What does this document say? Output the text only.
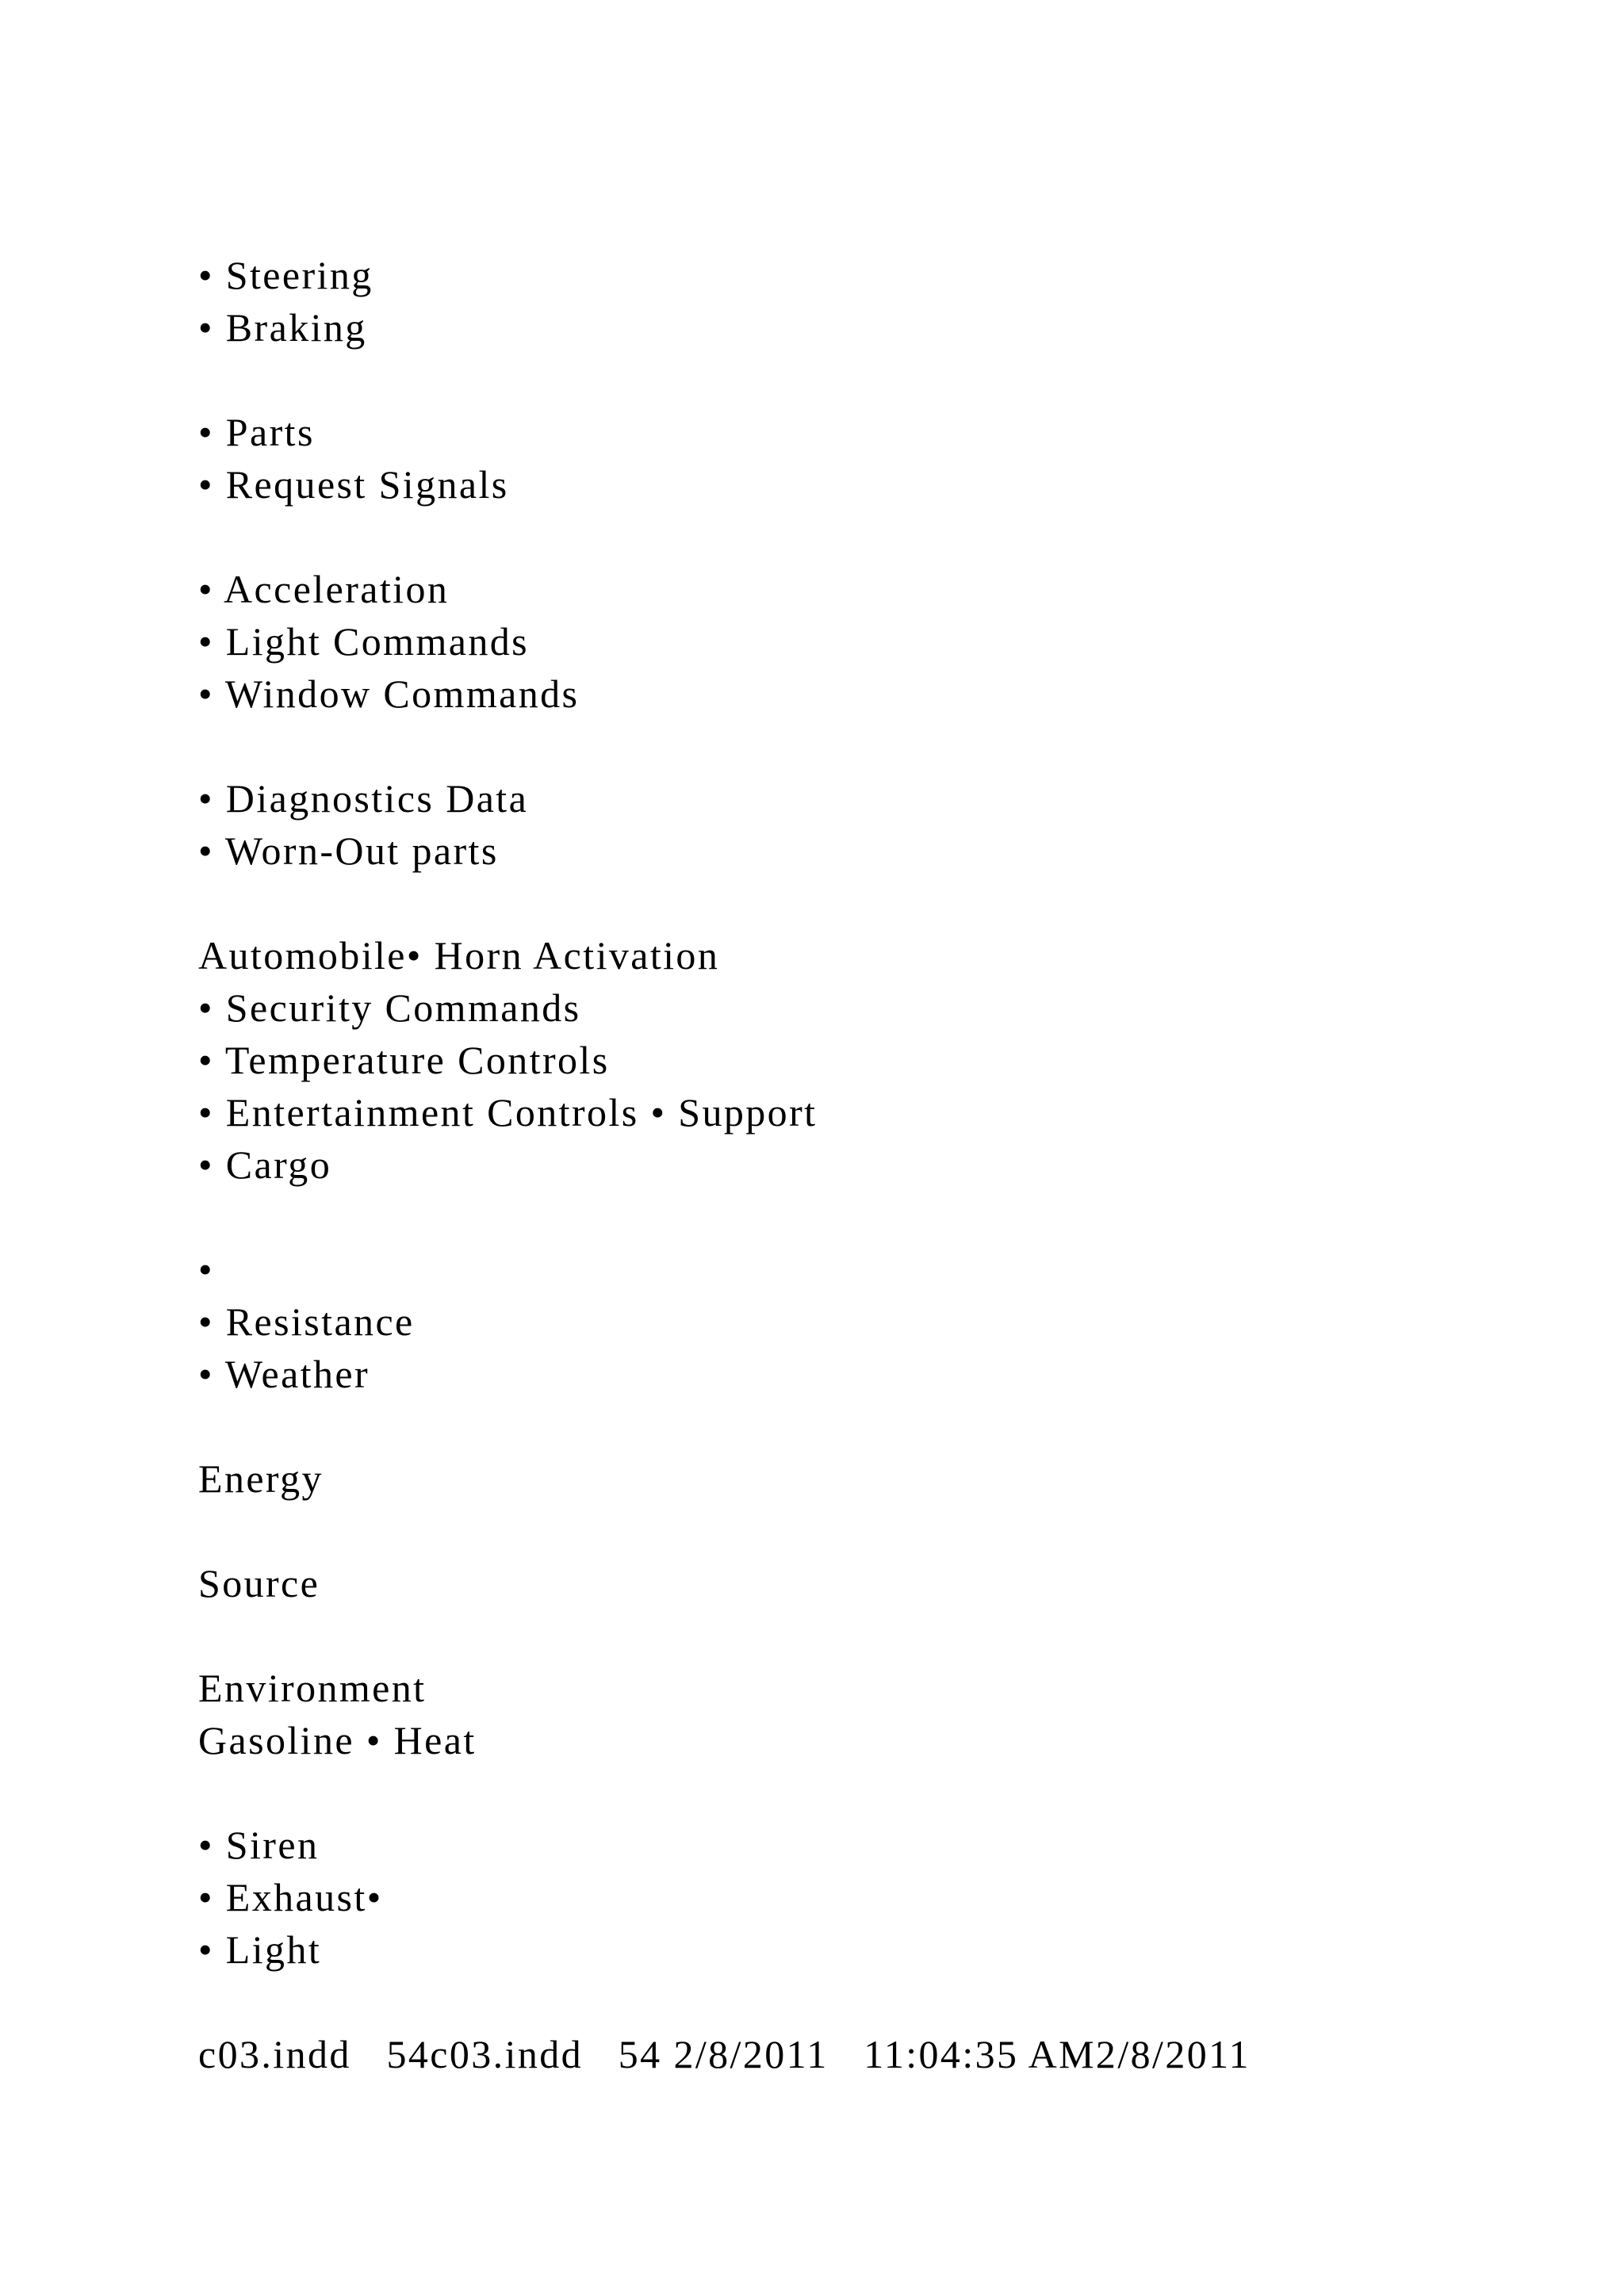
• Steering

• Braking

• Parts

• Request Signals

• Acceleration

• Light Commands

• Window Commands

• Diagnostics Data

• Worn-Out parts

Automobile• Horn Activation

• Security Commands

• Temperature Controls

• Entertainment Controls • Support

• Cargo

•

• Resistance

• Weather

Energy

Source

Environment

Gasoline • Heat

• Siren

• Exhaust•

• Light

c03.indd   54c03.indd   54 2/8/2011   11:04:35 AM2/8/2011
